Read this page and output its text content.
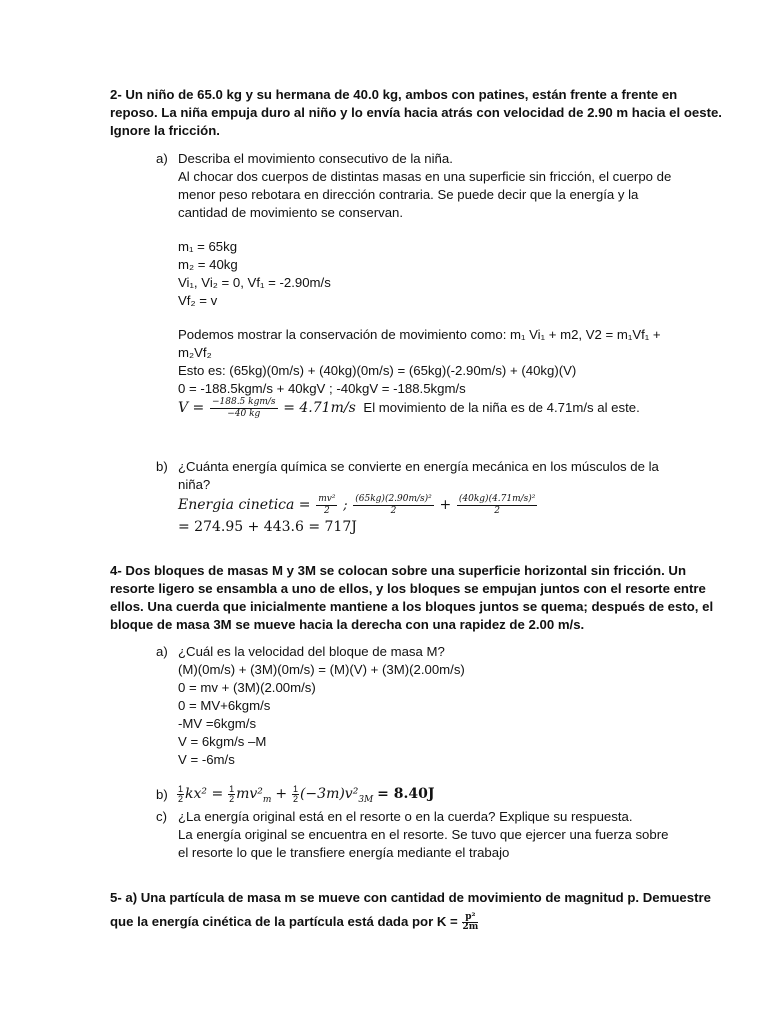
2- Un niño de 65.0 kg y su hermana de 40.0 kg, ambos con patines, están frente a frente en
reposo. La niña empuja duro al niño y lo envía hacia atrás con velocidad de 2.90 m hacia el oeste.
Ignore la fricción.
a) Describa el movimiento consecutivo de la niña.
Al chocar dos cuerpos de distintas masas en una superficie sin fricción, el cuerpo de
menor peso rebotara en dirección contraria. Se puede decir que la energía y la
cantidad de movimiento se conservan.
m₁ = 65kg
m₂ = 40kg
Vi₁, Vi₂ = 0, Vf₁ = -2.90m/s
Vf₂ = v
Podemos mostrar la conservación de movimiento como: m₁ Vi₁ + m2, V2 = m₁Vf₁ +
m₂Vf₂
Esto es: (65kg)(0m/s) + (40kg)(0m/s) = (65kg)(-2.90m/s) + (40kg)(V)
0 = -188.5kgm/s + 40kgV ; -40kgV = -188.5kgm/s
$V = \frac{\text{−188.5 kgm/s}}{-40 kg} = 4.71m/s$ El movimiento de la niña es de 4.71m/s al este.
b) ¿Cuánta energía química se convierte en energía mecánica en los músculos de la
niña?
Energia cinetica = $\frac{\text{mv²}}{2}$ ; $\frac{\text{(65kg)(2.90m/s)²}}{2} + \frac{\text{(40kg)(4.71m/s)²}}{2}$
= 274.95 + 443.6 = 717J
4- Dos bloques de masas M y 3M se colocan sobre una superficie horizontal sin fricción. Un
resorte ligero se ensambla a uno de ellos, y los bloques se empujan juntos con el resorte entre
ellos. Una cuerda que inicialmente mantiene a los bloques juntos se quema; después de esto, el
bloque de masa 3M se mueve hacia la derecha con una rapidez de 2.00 m/s.
a) ¿Cuál es la velocidad del bloque de masa M?
(M)(0m/s) + (3M)(0m/s) = (M)(V) + (3M)(2.00m/s)
0 = mv + (3M)(2.00m/s)
0 = MV+6kgm/s
-MV =6kgm/s
V = 6kgm/s –M
V = -6m/s
$b) \frac{1}{2} kx^2 = \frac{1}{2} mv^2_m + \frac{1}{2} (-3m)v^2_{3M} = 8.40J$
c) ¿La energía original está en el resorte o en la cuerda? Explique su respuesta.
La energía original se encuentra en el resorte. Se tuvo que ejercer una fuerza sobre
el resorte lo que le transfiere energía mediante el trabajo
5- a) Una partícula de masa m se mueve con cantidad de movimiento de magnitud p. Demuestre
que la energía cinética de la partícula está dada por $K = \frac{\text{p²}}{2m}$
